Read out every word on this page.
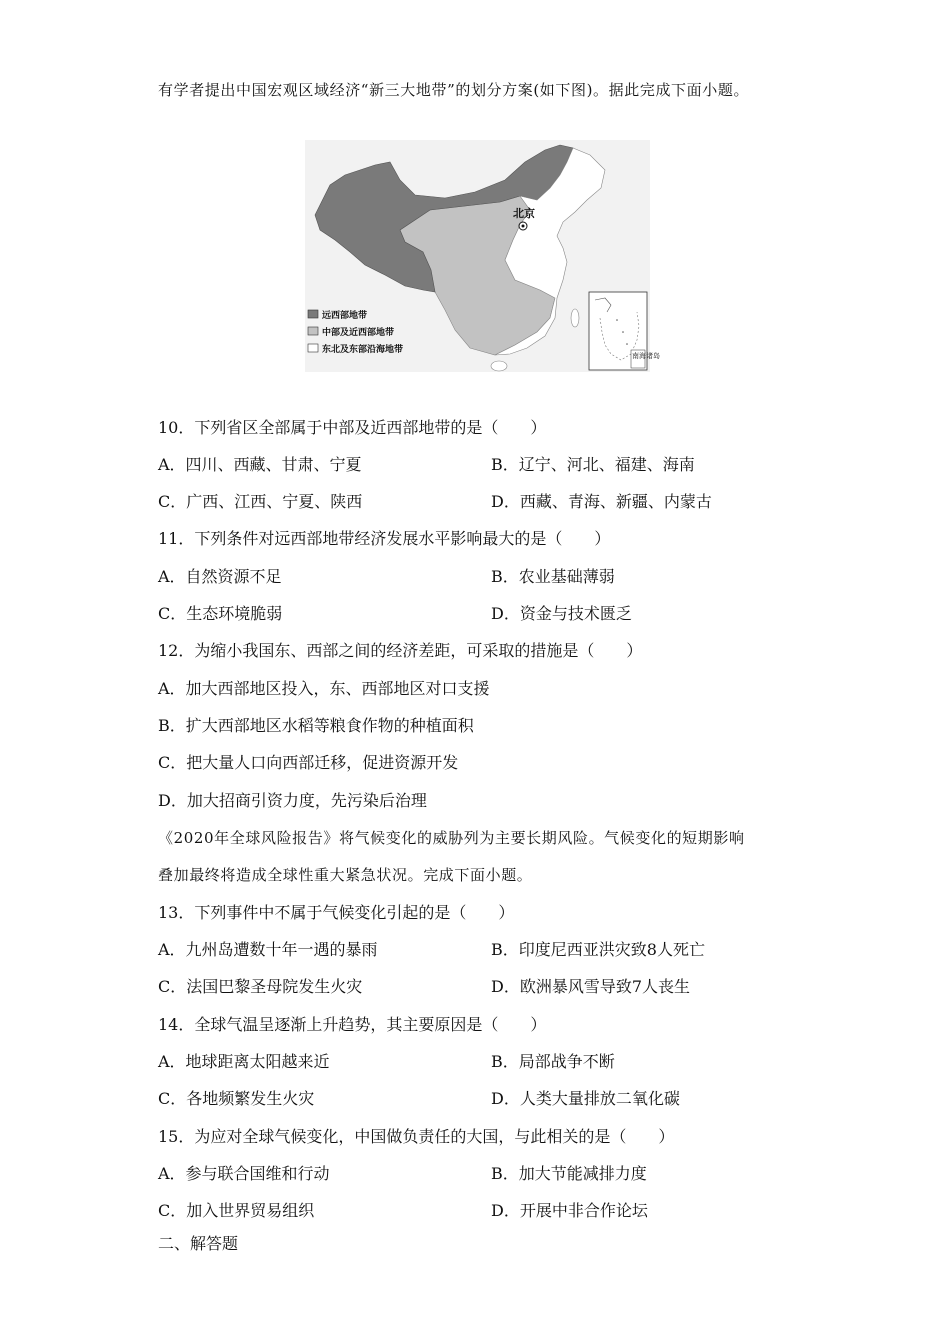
有学者提出中国宏观区域经济“新三大地带”的划分方案(如下图)。据此完成下面小题。
北京
远西部地带
中部及近西部地带
东北及东部沿海地带
南海诸岛
10．下列省区全部属于中部及近西部地带的是（　　）
A．四川、西藏、甘肃、宁夏	B．辽宁、河北、福建、海南
C．广西、江西、宁夏、陕西	D．西藏、青海、新疆、内蒙古
11．下列条件对远西部地带经济发展水平影响最大的是（　　）
A．自然资源不足	B．农业基础薄弱
C．生态环境脆弱	D．资金与技术匮乏
12．为缩小我国东、西部之间的经济差距，可采取的措施是（　　）
A．加大西部地区投入，东、西部地区对口支援
B．扩大西部地区水稻等粮食作物的种植面积
C．把大量人口向西部迁移，促进资源开发
D．加大招商引资力度，先污染后治理
《2020年全球风险报告》将气候变化的威胁列为主要长期风险。气候变化的短期影响
叠加最终将造成全球性重大紧急状况。完成下面小题。
13．下列事件中不属于气候变化引起的是（　　）
A．九州岛遭数十年一遇的暴雨	B．印度尼西亚洪灾致8人死亡
C．法国巴黎圣母院发生火灾	D．欧洲暴风雪导致7人丧生
14．全球气温呈逐渐上升趋势，其主要原因是（　　）
A．地球距离太阳越来近	B．局部战争不断
C．各地频繁发生火灾	D．人类大量排放二氧化碳
15．为应对全球气候变化，中国做负责任的大国，与此相关的是（　　）
A．参与联合国维和行动	B．加大节能减排力度
C．加入世界贸易组织	D．开展中非合作论坛
二、解答题
